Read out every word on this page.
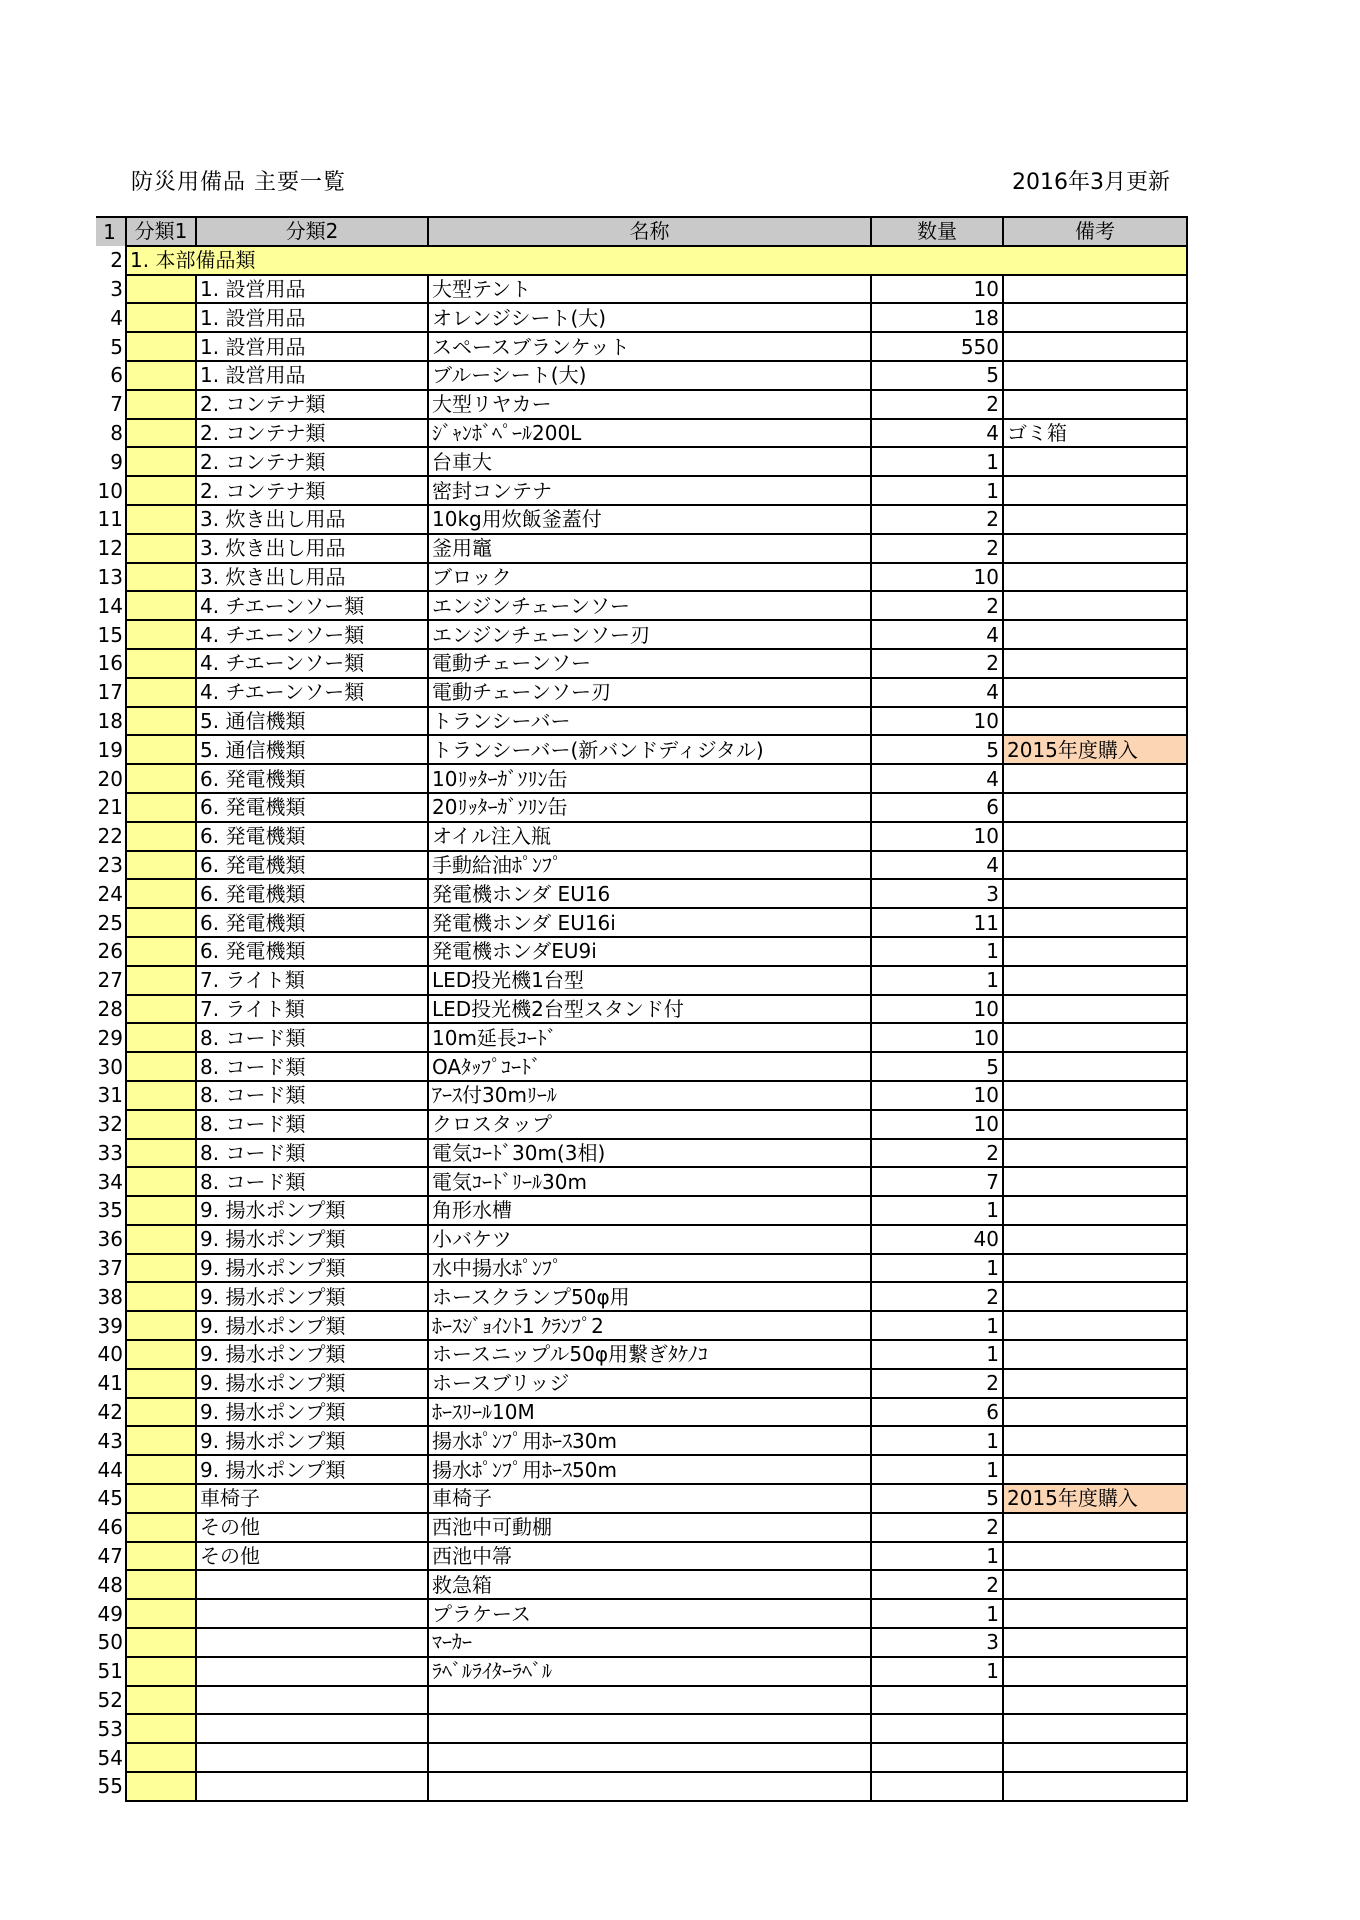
防災用備品 主要一覧	2016年3月更新
1	分類1	分類2	名称	数量	備考
2	1. 本部備品類				
3		1. 設営用品	大型テント	10	
4		1. 設営用品	オレンジシート(大)	18	
5		1. 設営用品	スペースブランケット	550	
6		1. 設営用品	ブルーシート(大)	5	
7		2. コンテナ類	大型リヤカー	2	
8		2. コンテナ類	ｼﾞｬﾝﾎﾞﾍﾟｰﾙ200L	4	ゴミ箱
9		2. コンテナ類	台車大	1	
10		2. コンテナ類	密封コンテナ	1	
11		3. 炊き出し用品	10kg用炊飯釜蓋付	2	
12		3. 炊き出し用品	釜用竈	2	
13		3. 炊き出し用品	ブロック	10	
14		4. チエーンソー類	エンジンチェーンソー	2	
15		4. チエーンソー類	エンジンチェーンソー刃	4	
16		4. チエーンソー類	電動チェーンソー	2	
17		4. チエーンソー類	電動チェーンソー刃	4	
18		5. 通信機類	トランシーバー	10	
19		5. 通信機類	トランシーバー(新バンドディジタル)	5	2015年度購入
20		6. 発電機類	10ﾘｯﾀｰｶﾞｿﾘﾝ缶	4	
21		6. 発電機類	20ﾘｯﾀｰｶﾞｿﾘﾝ缶	6	
22		6. 発電機類	オイル注入瓶	10	
23		6. 発電機類	手動給油ﾎﾟﾝﾌﾟ	4	
24		6. 発電機類	発電機ホンダ EU16	3	
25		6. 発電機類	発電機ホンダ EU16i	11	
26		6. 発電機類	発電機ホンダEU9i	1	
27		7. ライト類	LED投光機1台型	1	
28		7. ライト類	LED投光機2台型スタンド付	10	
29		8. コード類	10m延長ｺｰﾄﾞ	10	
30		8. コード類	OAﾀｯﾌﾟｺｰﾄﾞ	5	
31		8. コード類	ｱｰｽ付30mﾘｰﾙ	10	
32		8. コード類	クロスタップ	10	
33		8. コード類	電気ｺｰﾄﾞ30m(3相)	2	
34		8. コード類	電気ｺｰﾄﾞﾘｰﾙ30m	7	
35		9. 揚水ポンプ類	角形水槽	1	
36		9. 揚水ポンプ類	小バケツ	40	
37		9. 揚水ポンプ類	水中揚水ﾎﾟﾝﾌﾟ	1	
38		9. 揚水ポンプ類	ホースクランプ50φ用	2	
39		9. 揚水ポンプ類	ﾎｰｽｼﾞｮｲﾝﾄ1 ｸﾗﾝﾌﾟ2	1	
40		9. 揚水ポンプ類	ホースニップル50φ用繋ぎﾀｹﾉｺ	1	
41		9. 揚水ポンプ類	ホースブリッジ	2	
42		9. 揚水ポンプ類	ﾎｰｽﾘｰﾙ10M	6	
43		9. 揚水ポンプ類	揚水ﾎﾟﾝﾌﾟ用ﾎｰｽ30m	1	
44		9. 揚水ポンプ類	揚水ﾎﾟﾝﾌﾟ用ﾎｰｽ50m	1	
45		車椅子	車椅子	5	2015年度購入
46		その他	西池中可動棚	2	
47		その他	西池中箒	1	
48			救急箱	2	
49			プラケース	1	
50			ﾏｰｶｰ	3	
51			ﾗﾍﾞﾙﾗｲﾀｰﾗﾍﾞﾙ	1	
52					
53					
54					
55					
